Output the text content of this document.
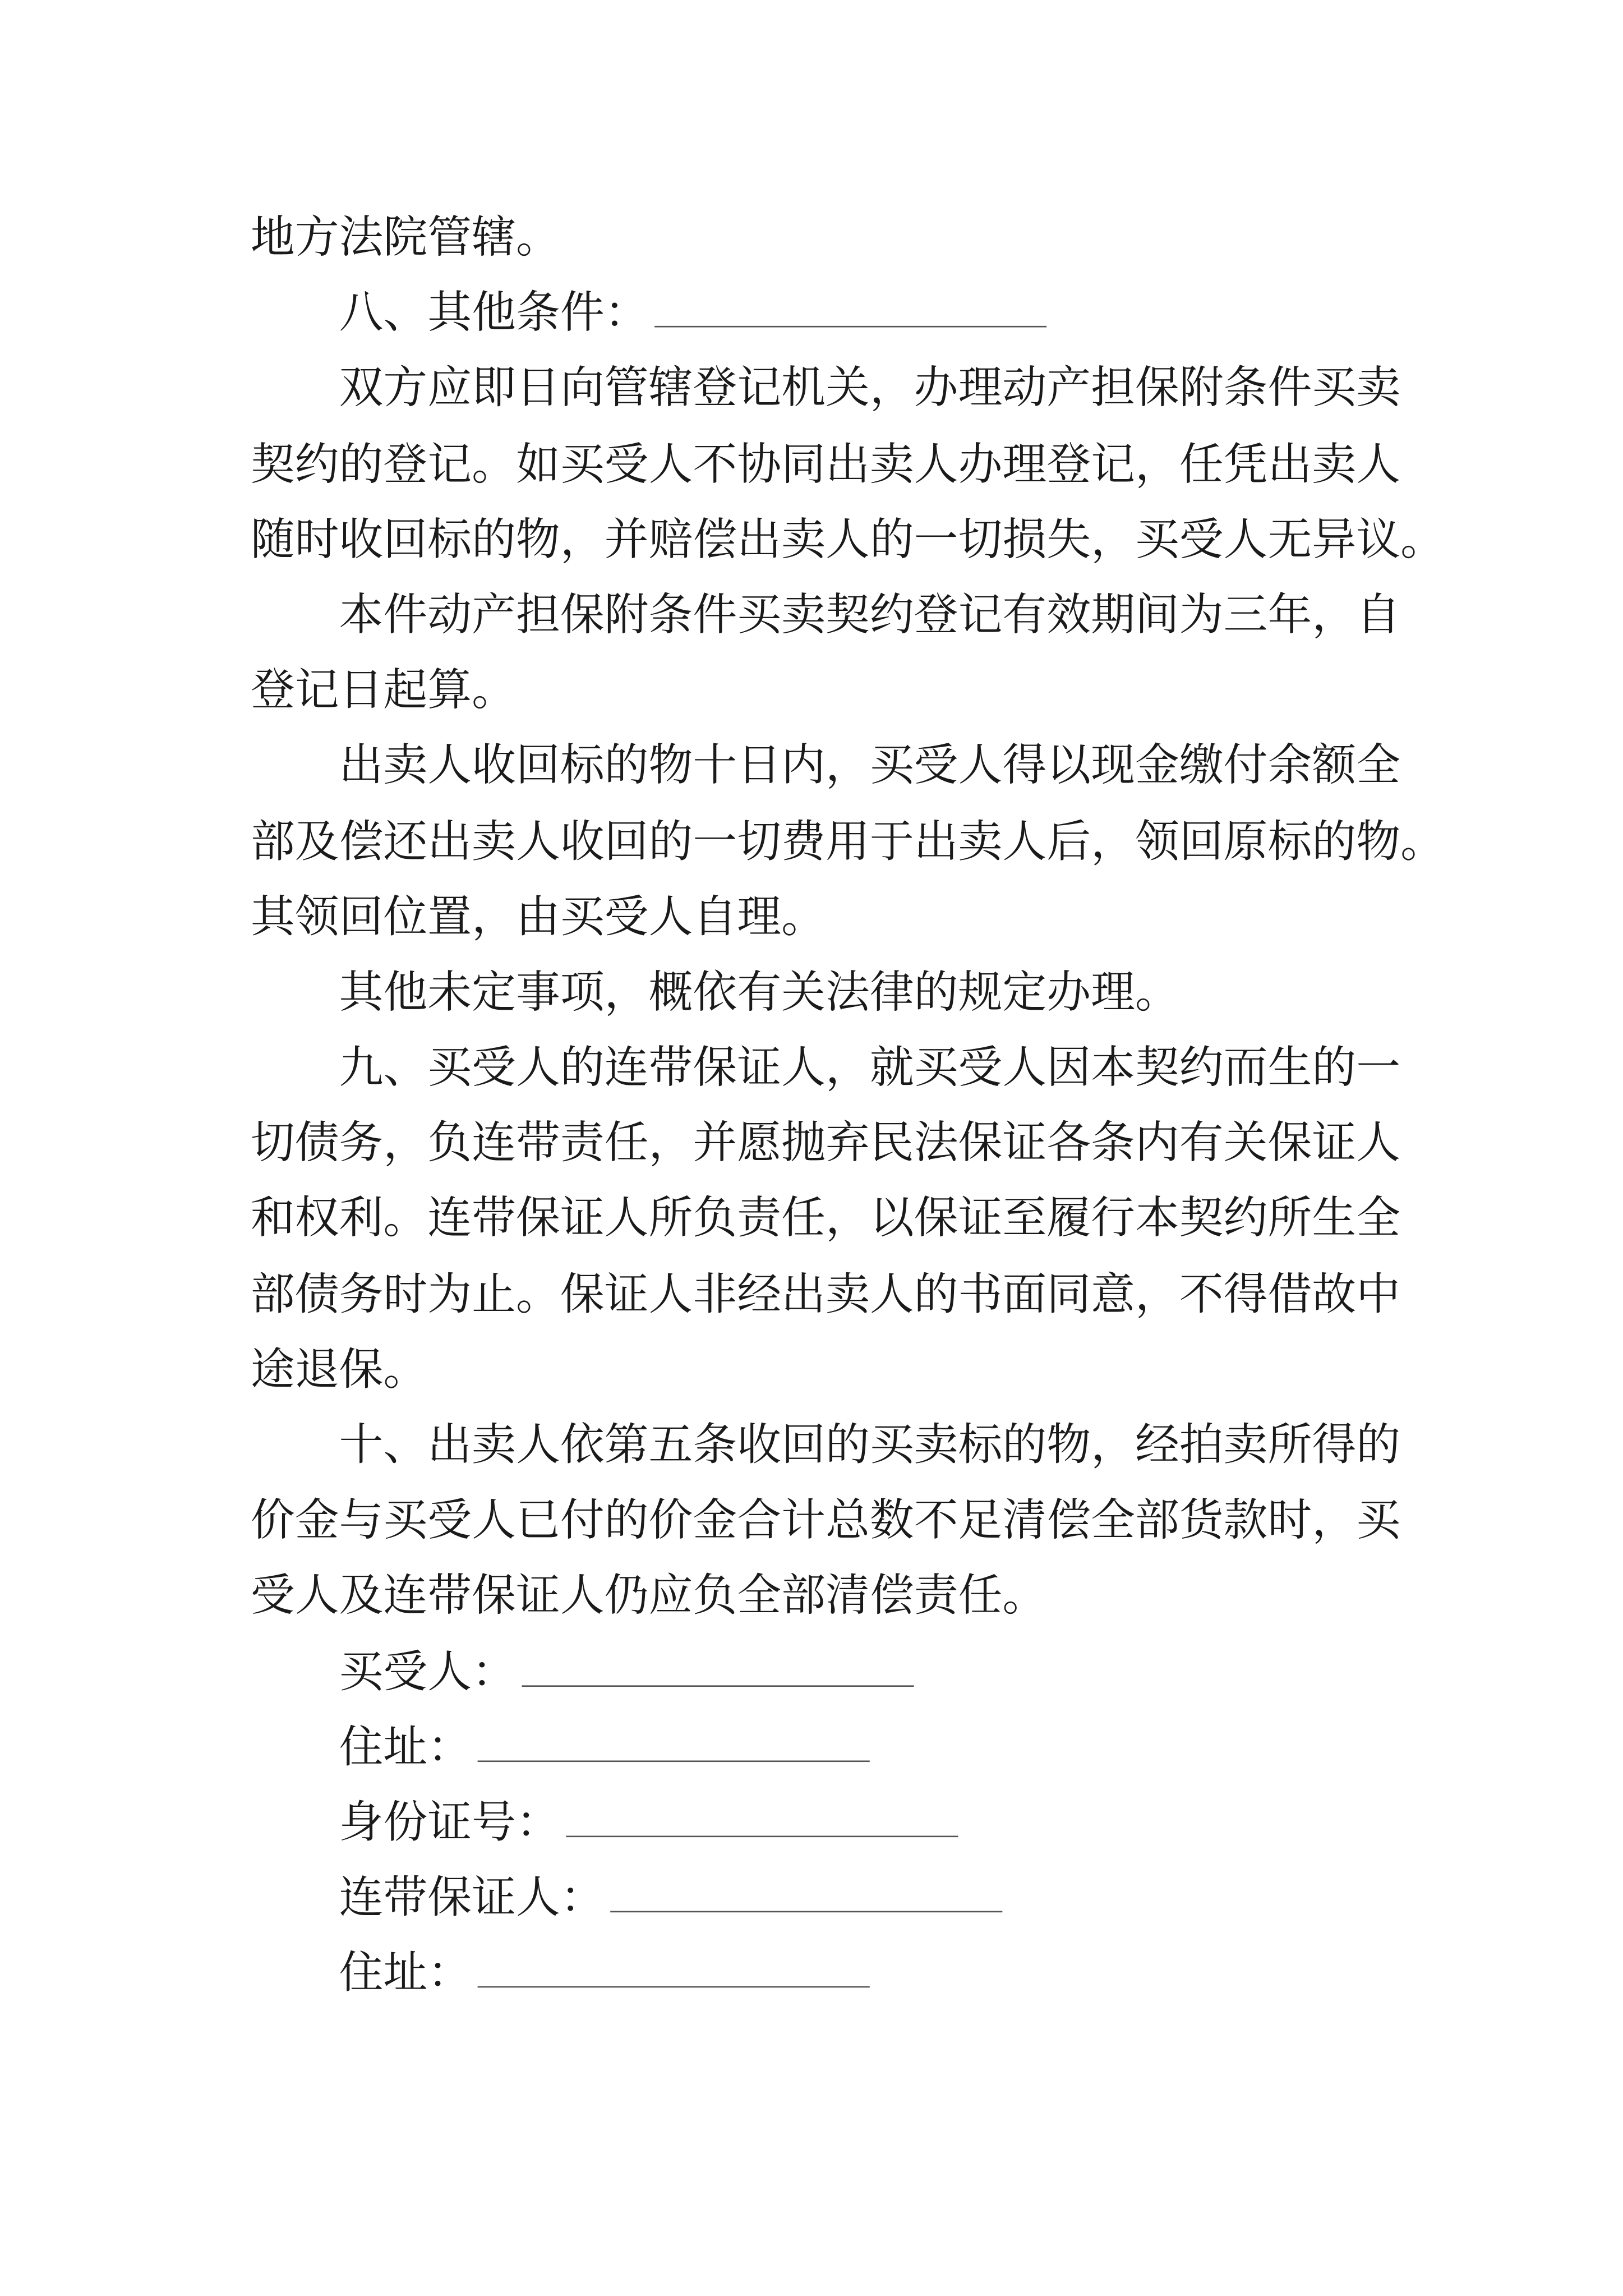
地方法院管辖。
八、其他条件：
双方应即日向管辖登记机关，办理动产担保附条件买卖
契约的登记。如买受人不协同出卖人办理登记，任凭出卖人
随时收回标的物，并赔偿出卖人的一切损失，买受人无异议。
本件动产担保附条件买卖契约登记有效期间为三年，自
登记日起算。
出卖人收回标的物十日内，买受人得以现金缴付余额全
部及偿还出卖人收回的一切费用于出卖人后，领回原标的物。
其领回位置，由买受人自理。
其他未定事项，概依有关法律的规定办理。
九、买受人的连带保证人，就买受人因本契约而生的一
切债务，负连带责任，并愿抛弃民法保证各条内有关保证人
和权利。连带保证人所负责任，以保证至履行本契约所生全
部债务时为止。保证人非经出卖人的书面同意，不得借故中
途退保。
十、出卖人依第五条收回的买卖标的物，经拍卖所得的
价金与买受人已付的价金合计总数不足清偿全部货款时，买
受人及连带保证人仍应负全部清偿责任。
买受人：
住址：
身份证号：
连带保证人：
住址：
